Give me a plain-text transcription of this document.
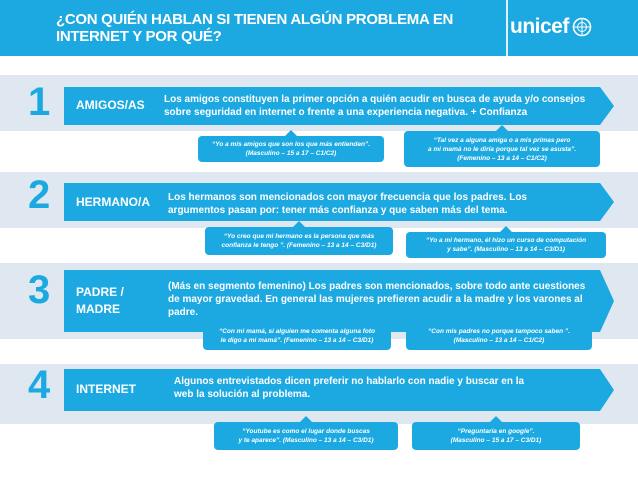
¿CON QUIÉN HABLAN SI TIENEN ALGÚN PROBLEMA EN INTERNET Y POR QUÉ?	unicef
1 AMIGOS/AS	Los amigos constituyen la primer opción a quién acudir en busca de ayuda y/o consejos sobre seguridad en internet o frente a una experiencia negativa. + Confianza
“Yo a mis amigos que son los que más entienden”.
(Masculino – 15 a 17 – C1/C2)
“Tal vez a alguna amiga o a mis primas pero
a mi mamá no le diría porque tal vez se asusta”.
(Femenino – 13 a 14 – C1/C2)
2 HERMANO/A	Los hermanos son mencionados con mayor frecuencia que los padres. Los argumentos pasan por: tener más confianza y que saben más del tema.
“Yo creo que mi hermano es la persona que más
confianza le tengo ”. (Femenino – 13 a 14 – C3/D1)
“Yo a mi hermano, él hizo un curso de computación
y sabe”. (Masculino – 13 a 14 – C3/D1)
3 PADRE / MADRE
(Más en segmento femenino) Los padres son mencionados, sobre todo ante cuestiones de mayor gravedad. En general las mujeres prefieren acudir a la madre y los varones al padre.
“Con mi mamá, si alguien me comenta alguna foto
le digo a mi mamá”. (Femenino – 13 a 14 – C3/D1)
“Con mis padres no porque tampoco saben ”.
(Masculino – 13 a 14 – C1/C2)
4 INTERNET
Algunos entrevistados dicen preferir no hablarlo con nadie y buscar en la web la solución al problema.
“Youtube es como el lugar donde buscas
y te aparece”. (Masculino – 13 a 14 – C3/D1)
“Preguntaría en google”.
(Masculino – 15 a 17 – C3/D1)
